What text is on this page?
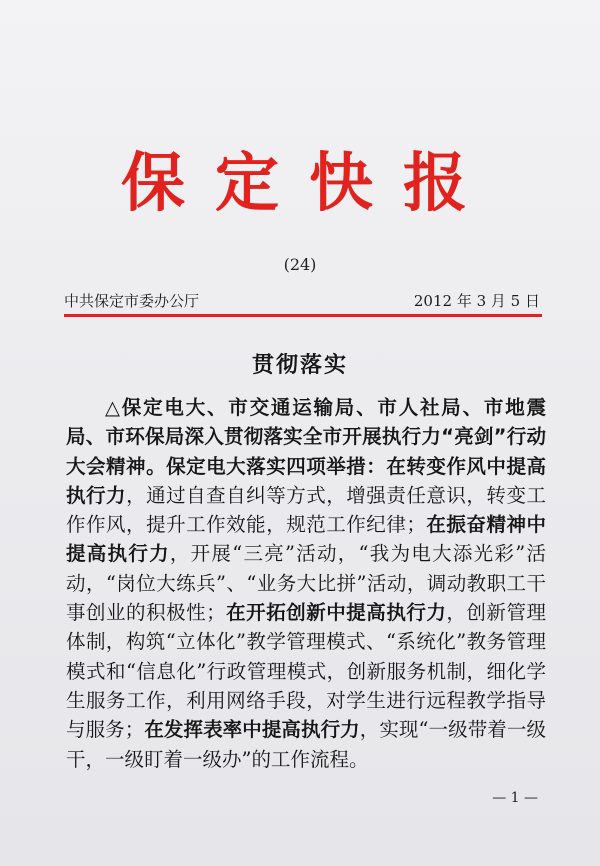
保定快报
(24)
中共保定市委办公厅	2012 年 3 月 5 日
贯彻落实

△保定电大、市交通运输局、市人社局、市地震局、市环保局深入贯彻落实全市开展执行力“亮剑”行动大会精神。保定电大落实四项举措：在转变作风中提高执行力，通过自查自纠等方式，增强责任意识，转变工作作风，提升工作效能，规范工作纪律；在振奋精神中提高执行力，开展“三亮”活动，“我为电大添光彩”活动，“岗位大练兵”、“业务大比拼”活动，调动教职工干事创业的积极性；在开拓创新中提高执行力，创新管理体制，构筑“立体化”教学管理模式、“系统化”教务管理模式和“信息化”行政管理模式，创新服务机制，细化学生服务工作，利用网络手段，对学生进行远程教学指导与服务；在发挥表率中提高执行力，实现“一级带着一级干，一级盯着一级办”的工作流程。

— 1 —
